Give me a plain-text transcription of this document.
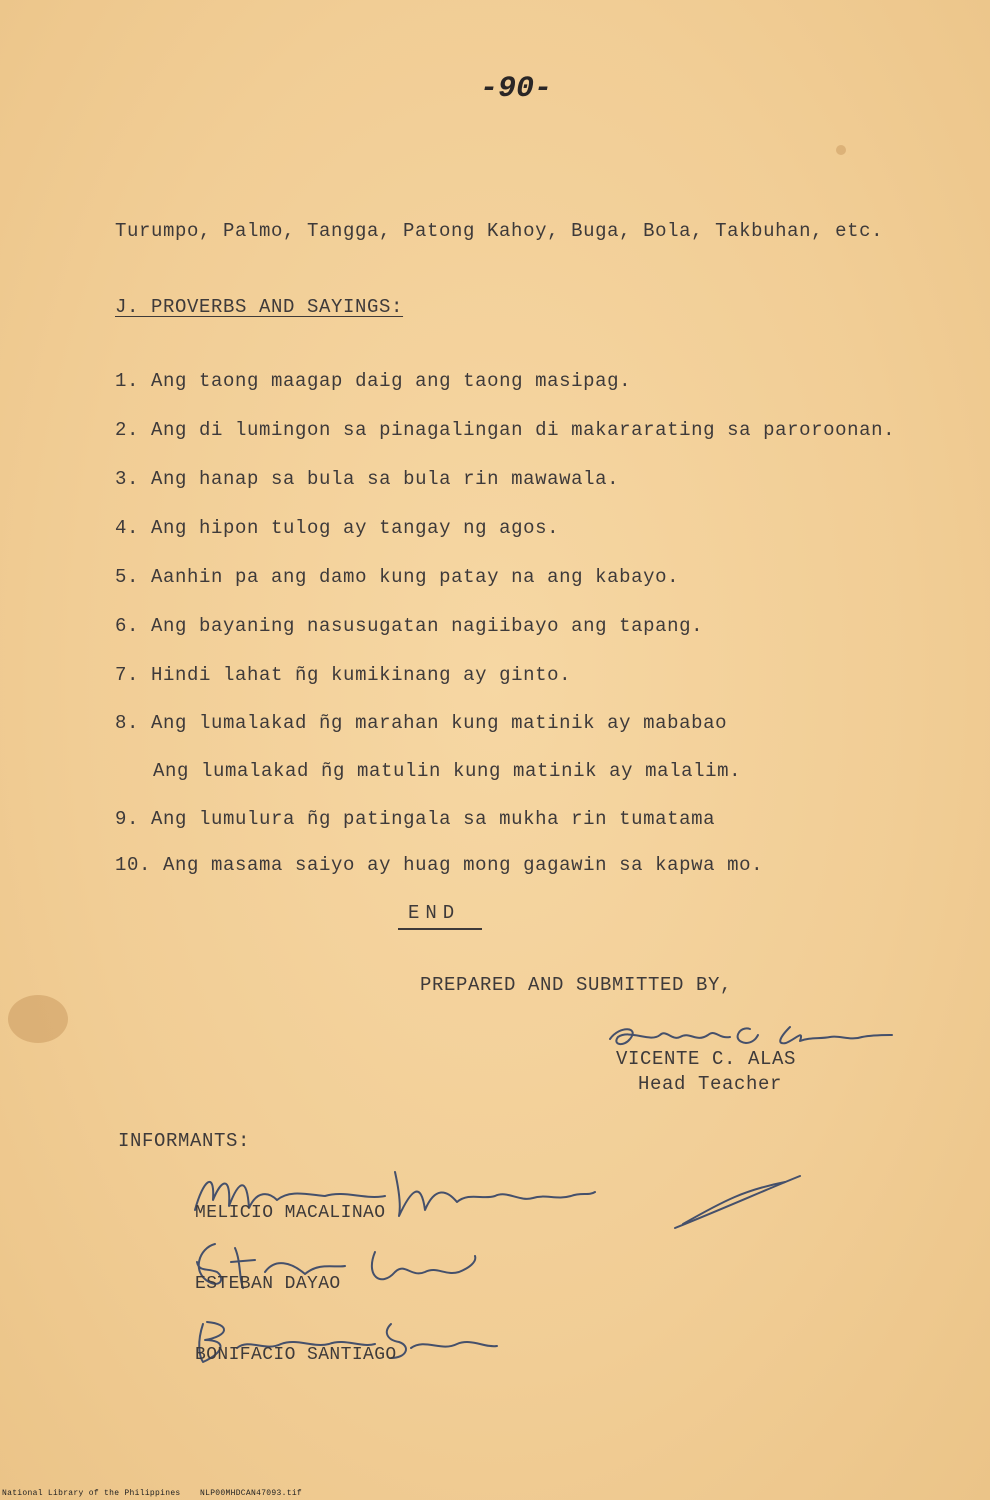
-90-
Turumpo, Palmo, Tangga, Patong Kahoy, Buga, Bola, Takbuhan, etc.
J. PROVERBS AND SAYINGS:
1. Ang taong maagap daig ang taong masipag.
2. Ang di lumingon sa pinagalingan di makararating sa paroroonan.
3. Ang hanap sa bula sa bula rin mawawala.
4. Ang hipon tulog ay tangay ng agos.
5. Aanhin pa ang damo kung patay na ang kabayo.
6. Ang bayaning nasusugatan nagiibayo ang tapang.
7. Hindi lahat ñg kumikinang ay ginto.
8. Ang lumalakad ñg marahan kung matinik ay mababao
Ang lumalakad ñg matulin kung matinik ay malalim.
9. Ang lumulura ñg patingala sa mukha rin tumatama
10. Ang masama saiyo ay huag mong gagawin sa kapwa mo.
END
PREPARED AND SUBMITTED BY,
VICENTE C. ALAS
Head Teacher
INFORMANTS:
MELICIO MACALINAO
ESTEBAN DAYAO
BONIFACIO SANTIAGO
National Library of the Philippines NLP00MHDCAN47093.tif
